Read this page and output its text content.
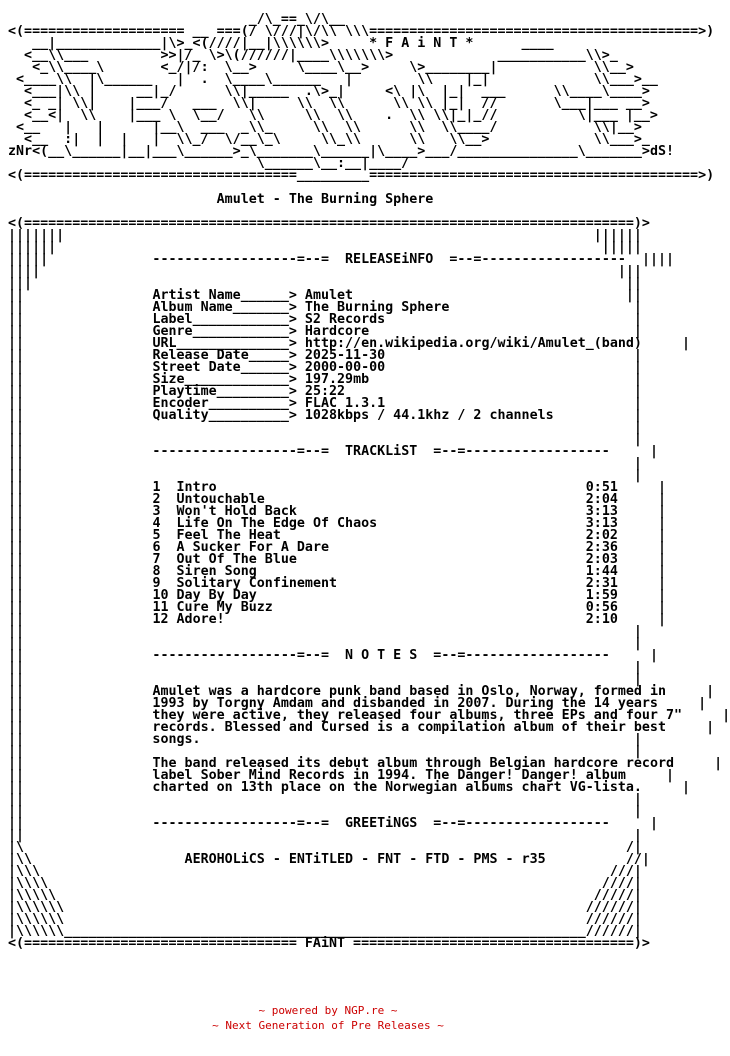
_/\_==_\/\__
<(==================== __ ===(/ \///|\/\\ \\\=========================================>)
__|_____________|\>_<(////|__|\\\\\\>	* F A i N T *      ____
<__\\___         >>|/_ \>\(//////|____\\\\\\\>             ___________\\>_
<_\\____\       <_/|/:  \__>     \____\__>     \>________|            \\__>
<____\\  |\______   |  .  \____\______   |        \\    |_|             \\___>__
<___|\\ |     __|_/      \\|_____  .\>_|     <\ |\  |_|  ___      \\____\____>
<_ _| \\|    |___/   ___  \\|     \\  \\      \\ \\ |_|  //       \___|___ __>
<__<|  \\    |___ \  \__/   \\     \\  \\    .  \\ \\|_|_//          \|___ |__>
<__   |   |      |__\  ___  _\\_     \\  \\      \\  \\____/            \\|__>
<__  :|  |  |   |  \\_/  \/__\_\     \\_\\      \\   \\__>             \\___>_
zNr<(__\______|__|___\______>_\_______\______|\____>___/_______________\_______>dS!
\______\__:__|____/
<(==================================_________=========================================>)

Amulet - The Burning Sphere

<(============================================================================)>
|||||||                                                                  ||||||
||||||                                                                    |||||
|||||             ------------------=--=  RELEASEiNFO  =--=------------------  ||||
||||                                                                        |||
|||                                                                          ||
||	Artist Name______> Amulet	||
||	Album Name_______> The Burning Sphere	|
||	Label____________> S2 Records	|
||	Genre____________> Hardcore	|
||	URL______________> http://en.wikipedia.org/wiki/Amulet_(band)	|
||	Release Date_____> 2025-11-30	|
||	Street Date______> 2000-00-00	|
||	Size_____________> 197.29mb	|
||	Playtime_________> 25:22	|
||	Encoder__________> FLAC 1.3.1	|
||	Quality__________> 1028kbps / 44.1khz / 2 channels	|
||                                                                            |
||                                                                            |
||                ------------------=--=  TRACKLiST  =--=------------------     |
||                                                                            |
||                                                                            |
||	1 Intro	0:51	|
||	2 Untouchable	2:04	|
||	3 Won't Hold Back	3:13	|
||	4 Life On The Edge Of Chaos	3:13	|
||	5 Feel The Heat	2:02	|
||	6 A Sucker For A Dare	2:36	|
||	7 Out Of The Blue	2:03	|
||	8 Siren Song	1:44	|
||	9 Solitary Confinement	2:31	|
||	10 Day By Day	1:59	|
||	11 Cure My Buzz	0:56	|
||	12 Adore!	2:10	|
||                                                                            |
||                                                                            |
||                ------------------=--=  N O T E S  =--=------------------     |
||                                                                            |
||                                                                            |
||	Amulet was a hardcore punk band based in Oslo, Norway, formed in     |
||                1993 by Torgny Amdam and disbanded in 2007. During the 14 years     |
||                they were active, they released four albums, three EPs and four 7"     |
||                records. Blessed and Cursed is a compilation album of their best     |
||                songs.                                                      |
||                                                                            |
||	The band released its debut album through Belgian hardcore record     |
||                label Sober Mind Records in 1994. The Danger! Danger! album     |
||                charted on 13th place on the Norwegian albums chart VG-lista.     |
||                                                                            |
||                                                                            |
||                ------------------=--=  GREETiNGS  =--=------------------     |
||                                                                            |
|\                                                                           /|
|\\	AEROHOLiCS - ENTiTLED - FNT - FTD - PMS - r35	//|
|\\\                                                                       ///|
|\\\\                                                                     ////|
|\\\\\                                                                   /////|
|\\\\\\                                                                 //////|
|\\\\\\                                                                 //////|
|\\\\\\_________________________________________________________________//////|
<(================================== FAiNT ===================================)>

~ powered by NGP.re ~
~ Next Generation of Pre Releases ~
